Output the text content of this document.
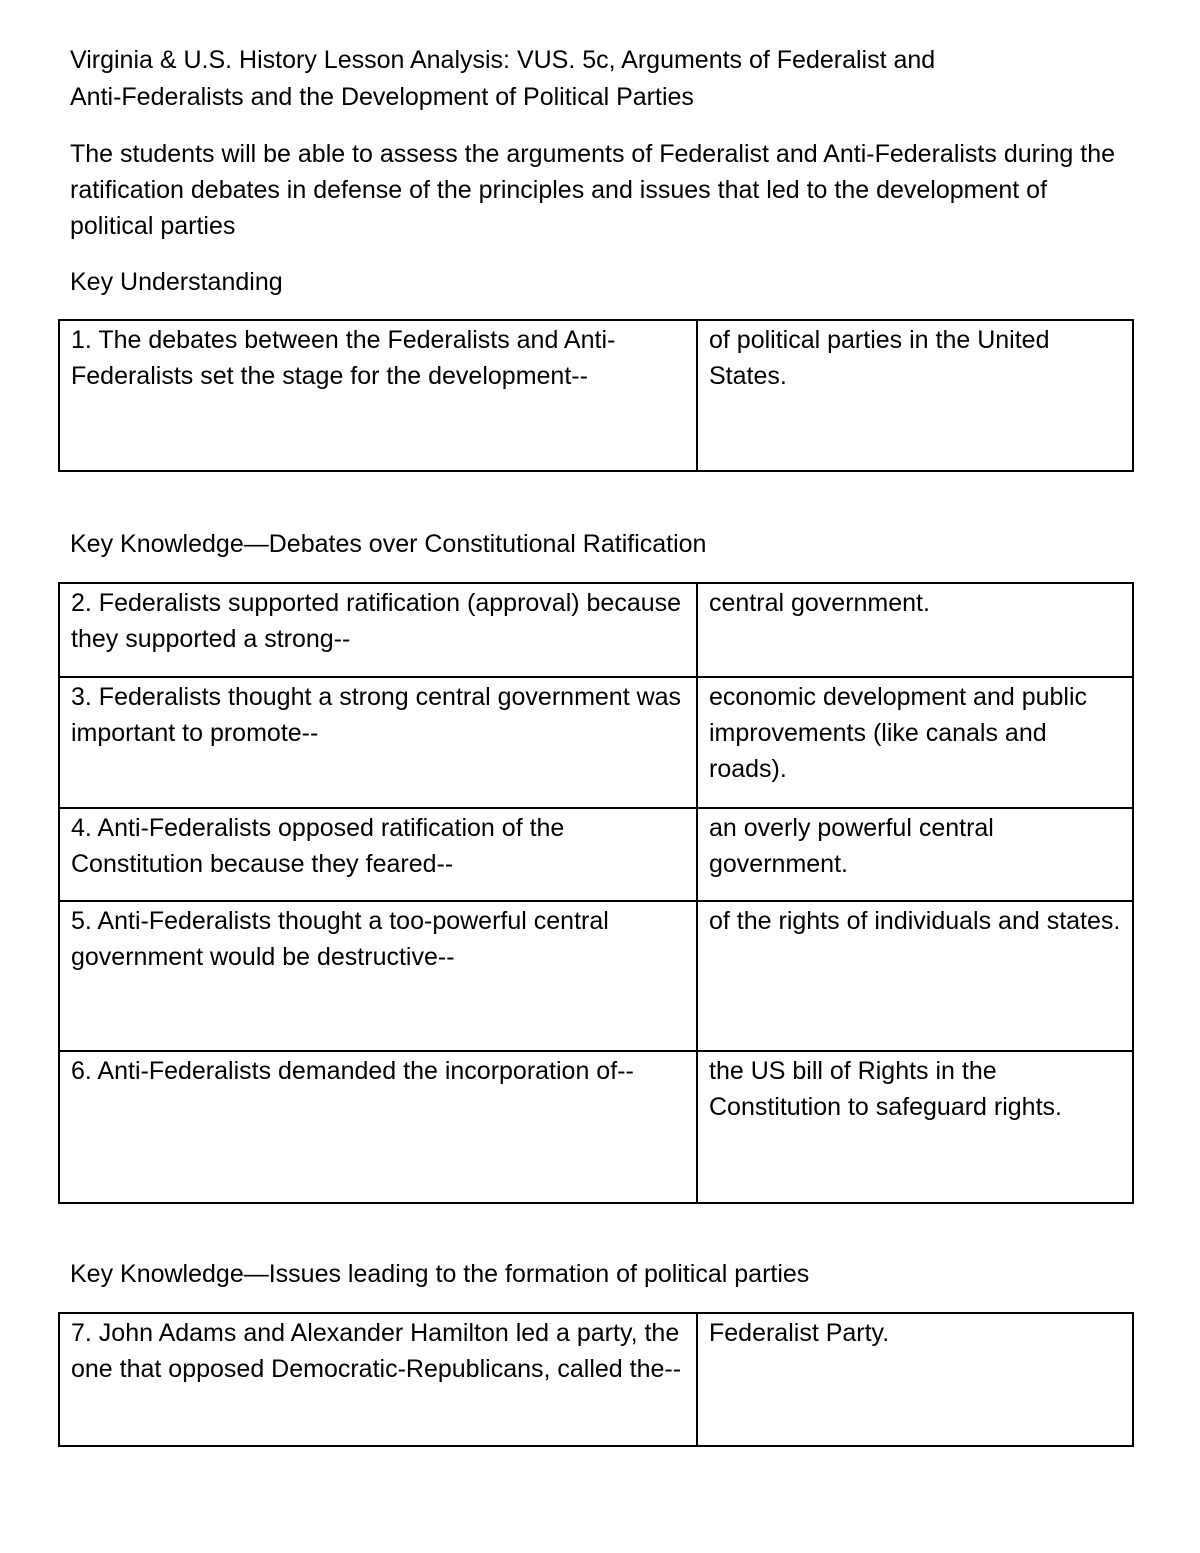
Virginia & U.S. History Lesson Analysis: VUS. 5c, Arguments of Federalist and
Anti-Federalists and the Development of Political Parties

The students will be able to assess the arguments of Federalist and Anti-Federalists during the ratification debates in defense of the principles and issues that led to the development of political parties

Key Understanding
1. The debates between the Federalists and Anti-Federalists set the stage for the development--	of political parties in the United States.
Key Knowledge—Debates over Constitutional Ratification
2. Federalists supported ratification (approval) because they supported a strong--	central government.
3. Federalists thought a strong central government was important to promote--	economic development and public improvements (like canals and roads).
4. Anti-Federalists opposed ratification of the Constitution because they feared--	an overly powerful central government.
5. Anti-Federalists thought a too-powerful central government would be destructive--	of the rights of individuals and states.
6. Anti-Federalists demanded the incorporation of--	the US bill of Rights in the Constitution to safeguard rights.
Key Knowledge—Issues leading to the formation of political parties
7. John Adams and Alexander Hamilton led a party, the one that opposed Democratic-Republicans, called the--	Federalist Party.
